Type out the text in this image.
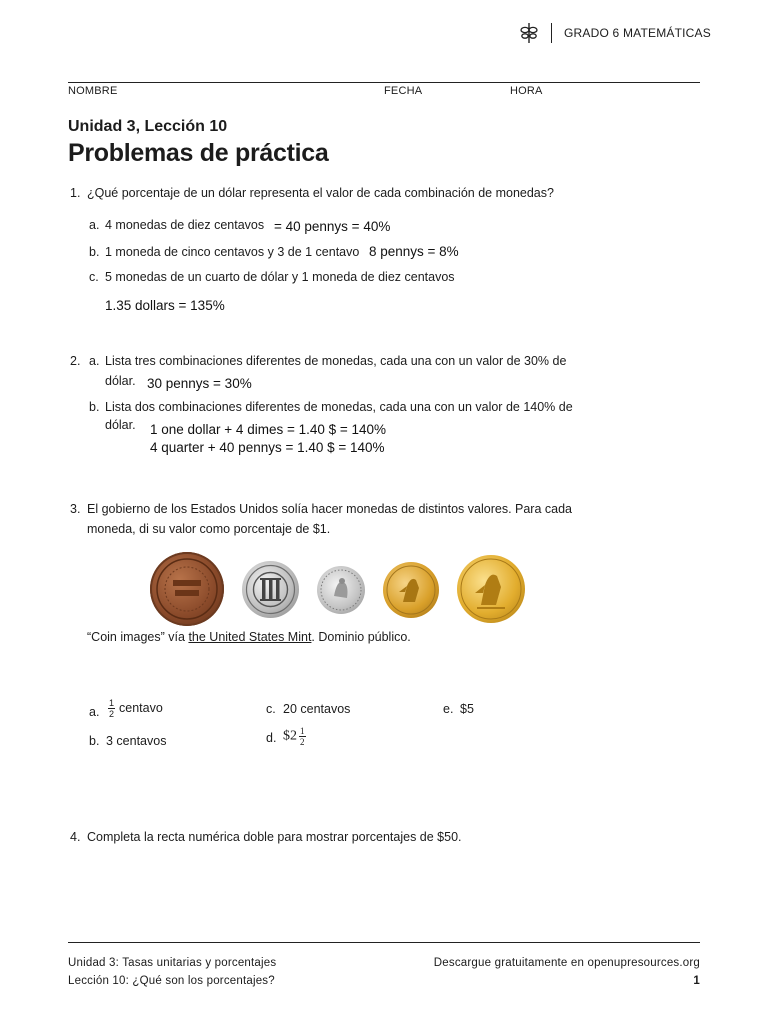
GRADO 6 MATEMÁTICAS
NOMBRE	FECHA	HORA
Unidad 3, Lección 10
Problemas de práctica
1. ¿Qué porcentaje de un dólar representa el valor de cada combinación de monedas?
a. 4 monedas de diez centavos = 40 pennys = 40%
b. 1 moneda de cinco centavos y 3 de 1 centavo 8 pennys = 8%
c. 5 monedas de un cuarto de dólar y 1 moneda de diez centavos
1.35 dollars = 135%
2. a. Lista tres combinaciones diferentes de monedas, cada una con un valor de 30% de
dólar. 30 pennys = 30%
b. Lista dos combinaciones diferentes de monedas, cada una con un valor de 140% de
dólar. 1 one dollar + 4 dimes = 1.40 $ = 140%
4 quarter + 40 pennys = 1.40 $ = 140%
3. El gobierno de los Estados Unidos solía hacer monedas de distintos valores. Para cada
moneda, di su valor como porcentaje de $1.
“Coin images” vía the United States Mint. Dominio público.
a. $\frac{1}{2}$ centavo
b. 3 centavos
c. 20 centavos
d. $2 $\frac{1}{2}$
e. $5
4. Completa la recta numérica doble para mostrar porcentajes de $50.
Unidad 3: Tasas unitarias y porcentajes
Lección 10: ¿Qué son los porcentajes?
Descargue gratuitamente en openupresources.org
1
